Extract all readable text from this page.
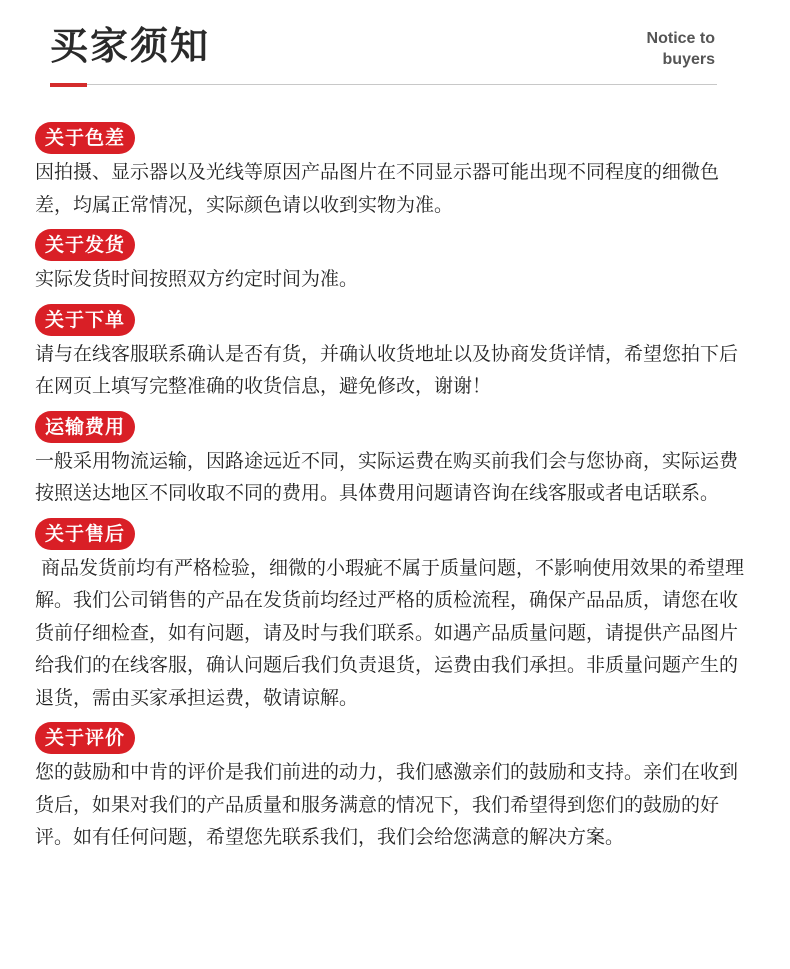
买家须知	Notice to
buyers
关于色差

因拍摄、显示器以及光线等原因产品图片在不同显示器可能出现不同程度的细微色差，均属正常情况，实际颜色请以收到实物为准。

关于发货

实际发货时间按照双方约定时间为准。

关于下单

请与在线客服联系确认是否有货，并确认收货地址以及协商发货详情，希望您拍下后在网页上填写完整准确的收货信息，避免修改，谢谢！

运输费用

一般采用物流运输，因路途远近不同，实际运费在购买前我们会与您协商，实际运费按照送达地区不同收取不同的费用。具体费用问题请咨询在线客服或者电话联系。

关于售后

商品发货前均有严格检验，细微的小瑕疵不属于质量问题，不影响使用效果的希望理解。我们公司销售的产品在发货前均经过严格的质检流程，确保产品品质，请您在收货前仔细检查，如有问题，请及时与我们联系。如遇产品质量问题，请提供产品图片给我们的在线客服，确认问题后我们负责退货，运费由我们承担。非质量问题产生的退货，需由买家承担运费，敬请谅解。

关于评价

您的鼓励和中肯的评价是我们前进的动力，我们感激亲们的鼓励和支持。亲们在收到货后，如果对我们的产品质量和服务满意的情况下，我们希望得到您们的鼓励的好评。如有任何问题，希望您先联系我们，我们会给您满意的解决方案。
